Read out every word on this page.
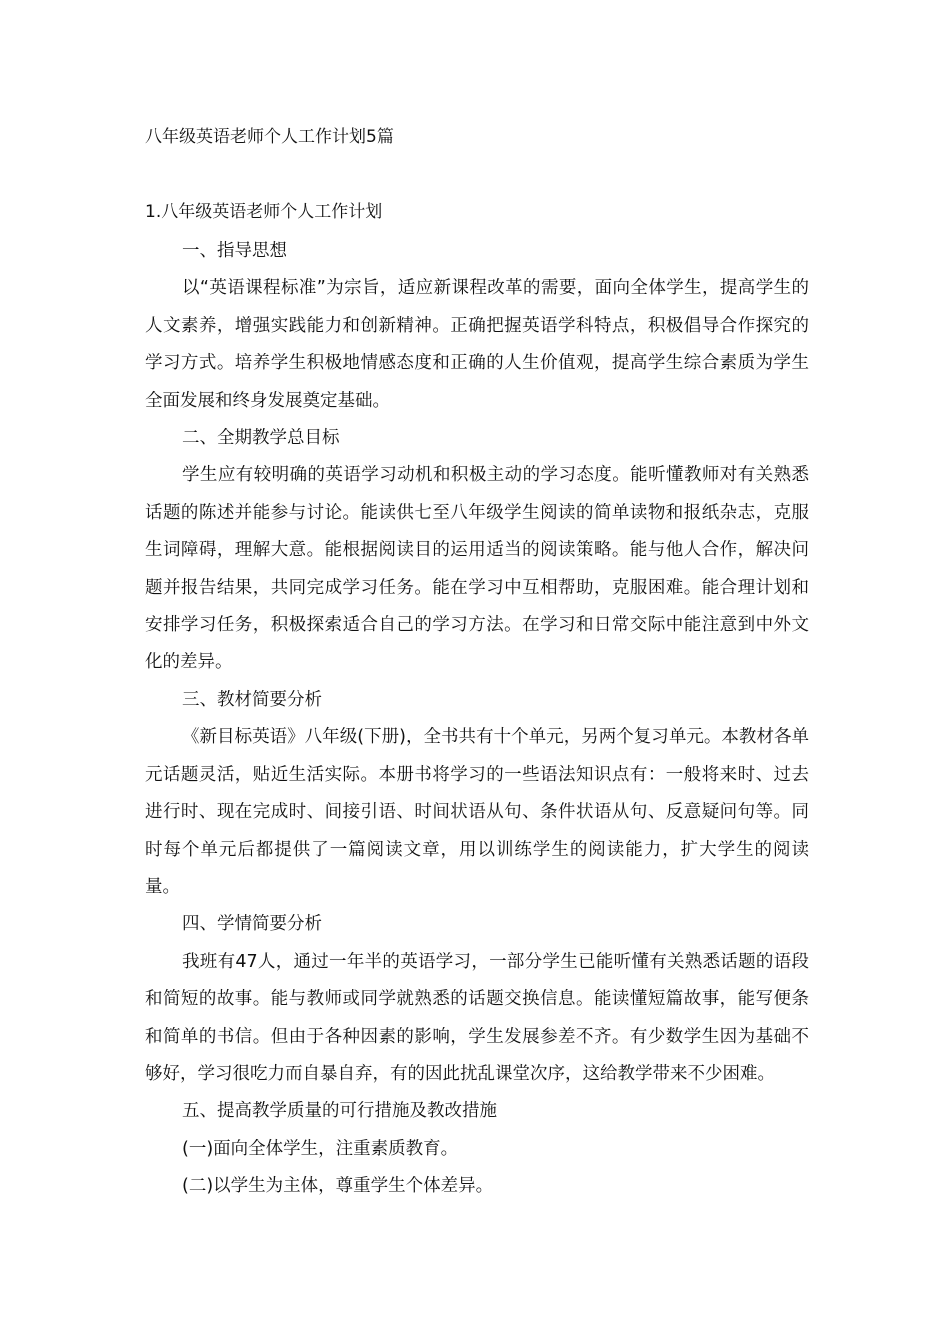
八年级英语老师个人工作计划5篇
1.八年级英语老师个人工作计划

一、指导思想

以“英语课程标准”为宗旨，适应新课程改革的需要，面向全体学生，提高学生的人文素养，增强实践能力和创新精神。正确把握英语学科特点，积极倡导合作探究的学习方式。培养学生积极地情感态度和正确的人生价值观，提高学生综合素质为学生全面发展和终身发展奠定基础。

二、全期教学总目标

学生应有较明确的英语学习动机和积极主动的学习态度。能听懂教师对有关熟悉话题的陈述并能参与讨论。能读供七至八年级学生阅读的简单读物和报纸杂志，克服生词障碍，理解大意。能根据阅读目的运用适当的阅读策略。能与他人合作，解决问题并报告结果，共同完成学习任务。能在学习中互相帮助，克服困难。能合理计划和安排学习任务，积极探索适合自己的学习方法。在学习和日常交际中能注意到中外文化的差异。

三、教材简要分析

《新目标英语》八年级(下册)，全书共有十个单元，另两个复习单元。本教材各单元话题灵活，贴近生活实际。本册书将学习的一些语法知识点有：一般将来时、过去进行时、现在完成时、间接引语、时间状语从句、条件状语从句、反意疑问句等。同时每个单元后都提供了一篇阅读文章，用以训练学生的阅读能力，扩大学生的阅读量。

四、学情简要分析

我班有47人，通过一年半的英语学习，一部分学生已能听懂有关熟悉话题的语段和简短的故事。能与教师或同学就熟悉的话题交换信息。能读懂短篇故事，能写便条和简单的书信。但由于各种因素的影响，学生发展参差不齐。有少数学生因为基础不够好，学习很吃力而自暴自弃，有的因此扰乱课堂次序，这给教学带来不少困难。

五、提高教学质量的可行措施及教改措施

(一)面向全体学生，注重素质教育。

(二)以学生为主体，尊重学生个体差异。
